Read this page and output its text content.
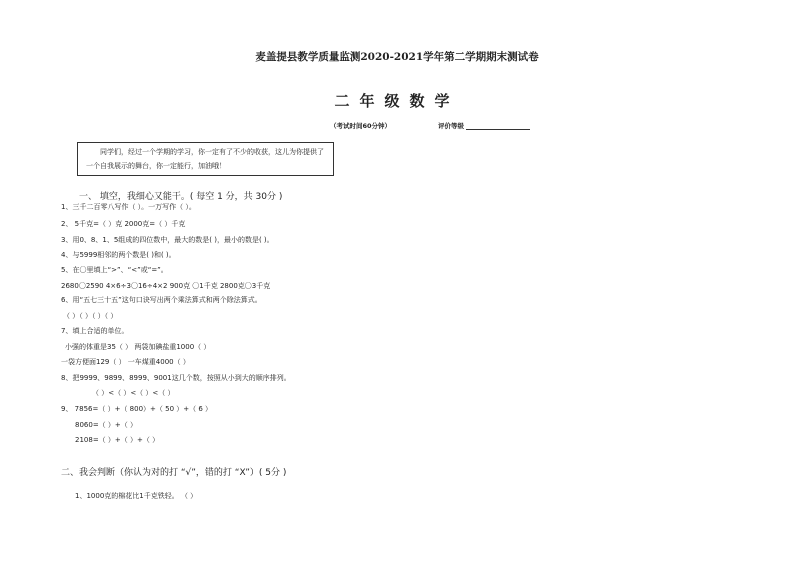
麦盖提县教学质量监测2020-2021学年第二学期期末测试卷
二年级数学
（考试时间60分钟）	评价等级
同学们，经过一个学期的学习，你一定有了不少的收获，这儿为你提供了一个自我展示的舞台，你一定能行，加油哦！
一、 填空，我细心又能干。( 每空 1 分，共 30分 )
1、三千二百零八写作（ ）。一万写作（ ）。
2、 5千克=（ ）克 2000克=（ ）千克
3、用0、8、1、5组成的四位数中，最大的数是( )，最小的数是( )。
4、与5999相邻的两个数是( )和( )。
5、在〇里填上“>”、“<”或“=”。
2680〇2590 4×6÷3〇16÷4×2 900克 〇1千克 2800克〇3千克
6、用“五七三十五”这句口诀写出两个乘法算式和两个除法算式。
（ ）（ ）（ ）（ ）
7、填上合适的单位。
小强的体重是35（ ） 两袋加碘盐重1000（ ）
一袋方便面129（ ） 一车煤重4000（ ）
8、把9999、9899、8999、9001这几个数，按照从小到大的顺序排列。
（ ）<（ ）<（ ）<（ ）
9、 7856=（ ）+（ 800）+（ 50 ）+（ 6 ）
8060=（ ）+（ ）
2108=（ ）+（ ）+（ ）
二、我会判断（你认为对的打 “√”，错的打 “X”）( 5分 )
1、1000克的棉花比1千克铁轻。 （ ）
